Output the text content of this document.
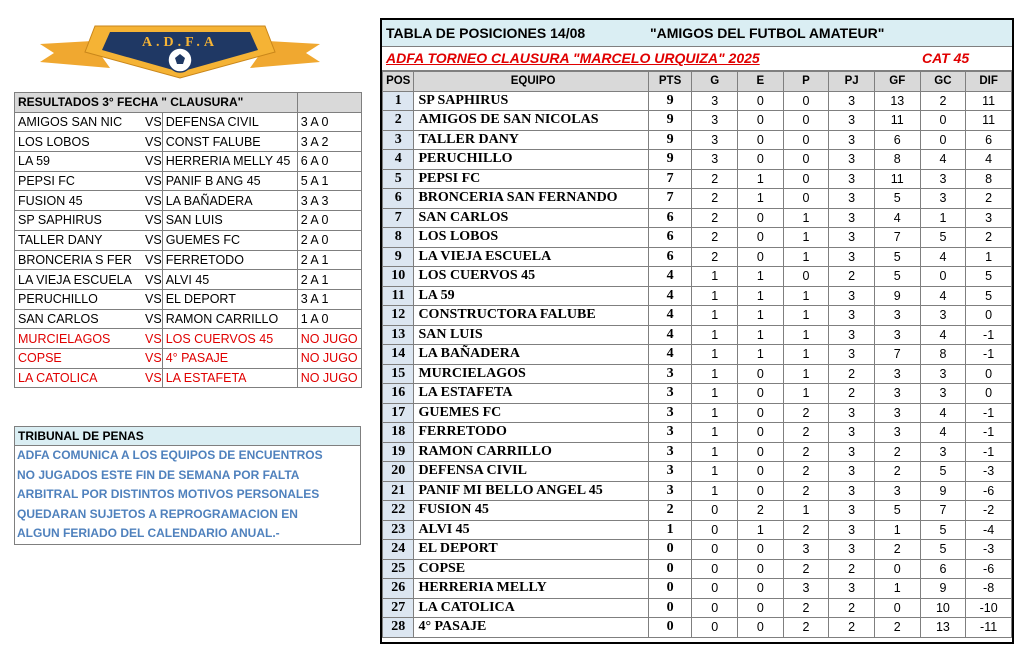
A.D.F.A
RESULTADOS 3° FECHA " CLAUSURA"			
AMIGOS SAN NIC	VS	DEFENSA CIVIL	3 A 0
LOS LOBOS	VS	CONST FALUBE	3 A 2
LA 59	VS	HERRERIA MELLY 45	6 A 0
PEPSI FC	VS	PANIF B ANG 45	5 A 1
FUSION 45	VS	LA BAÑADERA	3 A 3
SP SAPHIRUS	VS	SAN LUIS	2 A 0
TALLER DANY	VS	GUEMES FC	2 A 0
BRONCERIA S FER	VS	FERRETODO	2 A 1
LA VIEJA ESCUELA	VS	ALVI 45	2 A 1
PERUCHILLO	VS	EL DEPORT	3 A 1
SAN CARLOS	VS	RAMON CARRILLO	1 A 0
MURCIELAGOS	VS	LOS CUERVOS 45	NO JUGO
COPSE	VS	4° PASAJE	NO JUGO
LA CATOLICA	VS	LA ESTAFETA	NO JUGO
TRIBUNAL DE PENAS
ADFA COMUNICA A LOS EQUIPOS DE ENCUENTROS
NO JUGADOS ESTE FIN DE SEMANA POR FALTA
ARBITRAL POR DISTINTOS MOTIVOS PERSONALES
QUEDARAN SUJETOS A REPROGRAMACION EN
ALGUN FERIADO DEL CALENDARIO ANUAL.-
TABLA DE POSICIONES 14/08	"AMIGOS DEL FUTBOL AMATEUR"
ADFA TORNEO CLAUSURA "MARCELO URQUIZA" 2025	CAT 45
POS	EQUIPO	PTS	G	E	P	PJ	GF	GC	DIF
1	SP SAPHIRUS	9	3	0	0	3	13	2	11
2	AMIGOS DE SAN NICOLAS	9	3	0	0	3	11	0	11
3	TALLER DANY	9	3	0	0	3	6	0	6
4	PERUCHILLO	9	3	0	0	3	8	4	4
5	PEPSI FC	7	2	1	0	3	11	3	8
6	BRONCERIA SAN FERNANDO	7	2	1	0	3	5	3	2
7	SAN CARLOS	6	2	0	1	3	4	1	3
8	LOS LOBOS	6	2	0	1	3	7	5	2
9	LA VIEJA ESCUELA	6	2	0	1	3	5	4	1
10	LOS CUERVOS 45	4	1	1	0	2	5	0	5
11	LA 59	4	1	1	1	3	9	4	5
12	CONSTRUCTORA FALUBE	4	1	1	1	3	3	3	0
13	SAN LUIS	4	1	1	1	3	3	4	-1
14	LA BAÑADERA	4	1	1	1	3	7	8	-1
15	MURCIELAGOS	3	1	0	1	2	3	3	0
16	LA ESTAFETA	3	1	0	1	2	3	3	0
17	GUEMES FC	3	1	0	2	3	3	4	-1
18	FERRETODO	3	1	0	2	3	3	4	-1
19	RAMON CARRILLO	3	1	0	2	3	2	3	-1
20	DEFENSA CIVIL	3	1	0	2	3	2	5	-3
21	PANIF MI BELLO ANGEL 45	3	1	0	2	3	3	9	-6
22	FUSION 45	2	0	2	1	3	5	7	-2
23	ALVI 45	1	0	1	2	3	1	5	-4
24	EL DEPORT	0	0	0	3	3	2	5	-3
25	COPSE	0	0	0	2	2	0	6	-6
26	HERRERIA MELLY	0	0	0	3	3	1	9	-8
27	LA CATOLICA	0	0	0	2	2	0	10	-10
28	4° PASAJE	0	0	0	2	2	2	13	-11
